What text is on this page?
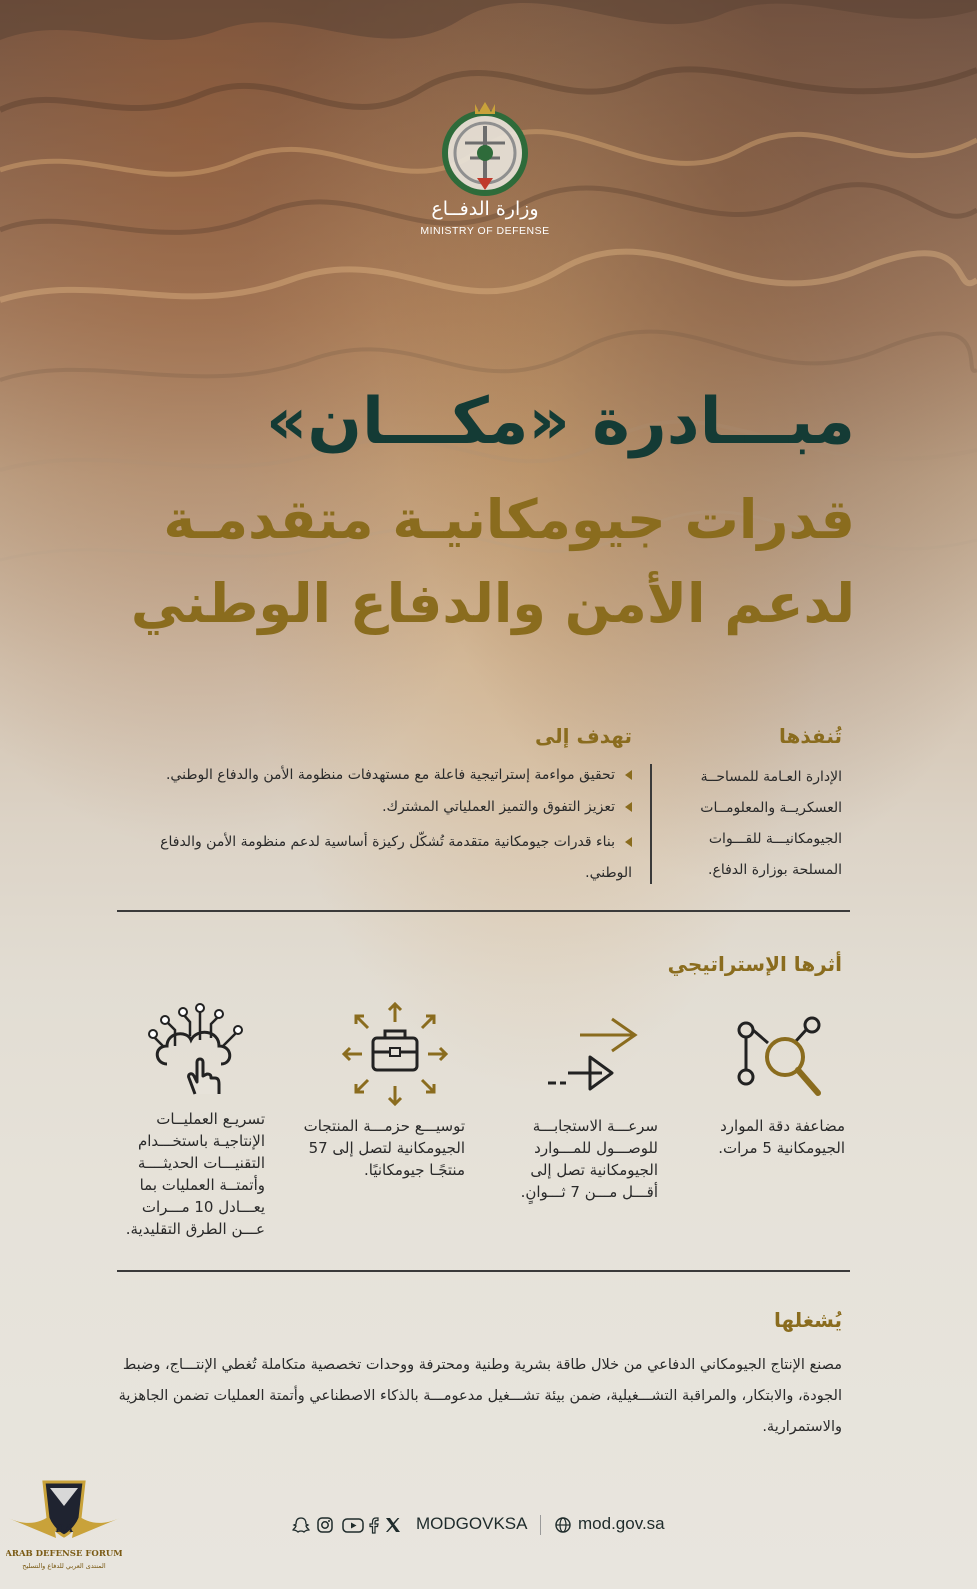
وزارة الدفــاع
MINISTRY OF DEFENSE
مبـــادرة «مكـــان»
قدرات جيومكانيـة متقدمـة
لدعم الأمن والدفاع الوطني
تُنفذها
الإدارة العـامة للمساحــة العسكريــة والمعلومــات الجيومكانيـــة للقـــوات المسلحة بوزارة الدفاع.
تهدف إلى
تحقيق مواءمة إستراتيجية فاعلة مع مستهدفات منظومة الأمن والدفاع الوطني.
تعزيز التفوق والتميز العملياتي المشترك.
بناء قدرات جيومكانية متقدمة تُشكّل ركيزة أساسية لدعم منظومة الأمن والدفاع الوطني.
أثرها الإستراتيجي
مضاعفة دقة الموارد الجيومكانية 5 مرات.
سرعـــة الاستجابـــة للوصـــول للمـــوارد الجيومكانية تصل إلى أقـــل مـــن 7 ثـــوانٍ.
توسيـــع حزمـــة المنتجات الجيومكانية لتصل إلى 57 منتجًـا جيومكانيًا.
تسريـع العمليــات الإنتاجيـة باستخـــدام التقنيـــات الحديثــــة وأتمتــة العمليات بما يعـــادل 10 مـــرات عـــن الطرق التقليدية.
يُشغلها
مصنع الإنتاج الجيومكاني الدفاعي من خلال طاقة بشرية وطنية ومحترفة ووحدات تخصصية متكاملة تُغطي الإنتـــاج، وضبط الجودة، والابتكار، والمراقبة التشـــغيلية، ضمن بيئة تشـــغيل مدعومـــة بالذكاء الاصطناعي وأتمتة العمليات تضمن الجاهزية والاستمرارية.
MODGOVKSA	mod.gov.sa
DA
ARAB DEFENSE FORUM
المنتدى العربي للدفاع والتسليح
